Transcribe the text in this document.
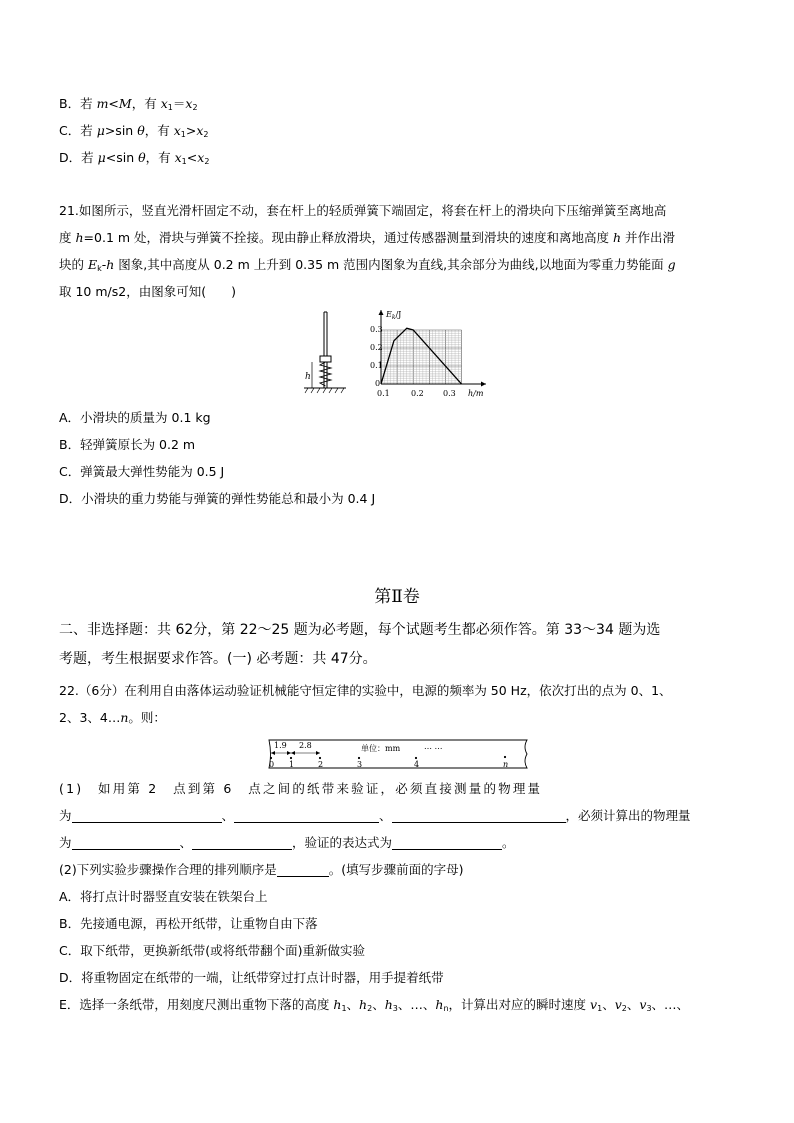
B．若 m<M，有 $x_1=x_2$
C．若 μ>sin θ，有 $x_1>x_2$
D．若 μ<sin θ，有 $x_1<x_2$
21.如图所示，竖直光滑杆固定不动，套在杆上的轻质弹簧下端固定，将套在杆上的滑块向下压缩弹簧至离地高
度 h=0.1 m 处，滑块与弹簧不拴接。现由静止释放滑块，通过传感器测量到滑块的速度和离地高度 h 并作出滑
块的 $E_k-h$ 图象,其中高度从 0.2 m 上升到 0.35 m 范围内图象为直线,其余部分为曲线,以地面为零重力势能面 g
取 10 m/s2，由图象可知(　　)
h
$E_k/J$
0.3
0.2
0.1
0
0.1	0.2 0.3 h/m
A．小滑块的质量为 0.1 kg
B．轻弹簧原长为 0.2 m
C．弹簧最大弹性势能为 0.5 J
D．小滑块的重力势能与弹簧的弹性势能总和最小为 0.4 J
第Ⅱ卷
二、非选择题：共 62分，第 22～25 题为必考题，每个试题考生都必须作答。第 33～34 题为选
考题，考生根据要求作答。(一) 必考题：共 47分。
22.（6分）在利用自由落体运动验证机械能守恒定律的实验中，电源的频率为 50 Hz，依次打出的点为 0、1、
2、3、4…n。则：
1.9 2.8	单位：mm	… …
0 1	2	3	4	n
(1)　如用第 2　点到第 6　点之间的纸带来验证，必须直接测量的物理量
为	、	、	，必须计算出的物理量
为	、	，验证的表达式为	。
(2)下列实验步骤操作合理的排列顺序是	。(填写步骤前面的字母)
A．将打点计时器竖直安装在铁架台上
B．先接通电源，再松开纸带，让重物自由下落
C．取下纸带，更换新纸带(或将纸带翻个面)重新做实验
D．将重物固定在纸带的一端，让纸带穿过打点计时器，用手提着纸带
E．选择一条纸带，用刻度尺测出重物下落的高度 $h_1$、$h_2$、$h_3$、…、$h_n$，计算出对应的瞬时速度 $v_1$、$v_2$、$v_3$、…、
